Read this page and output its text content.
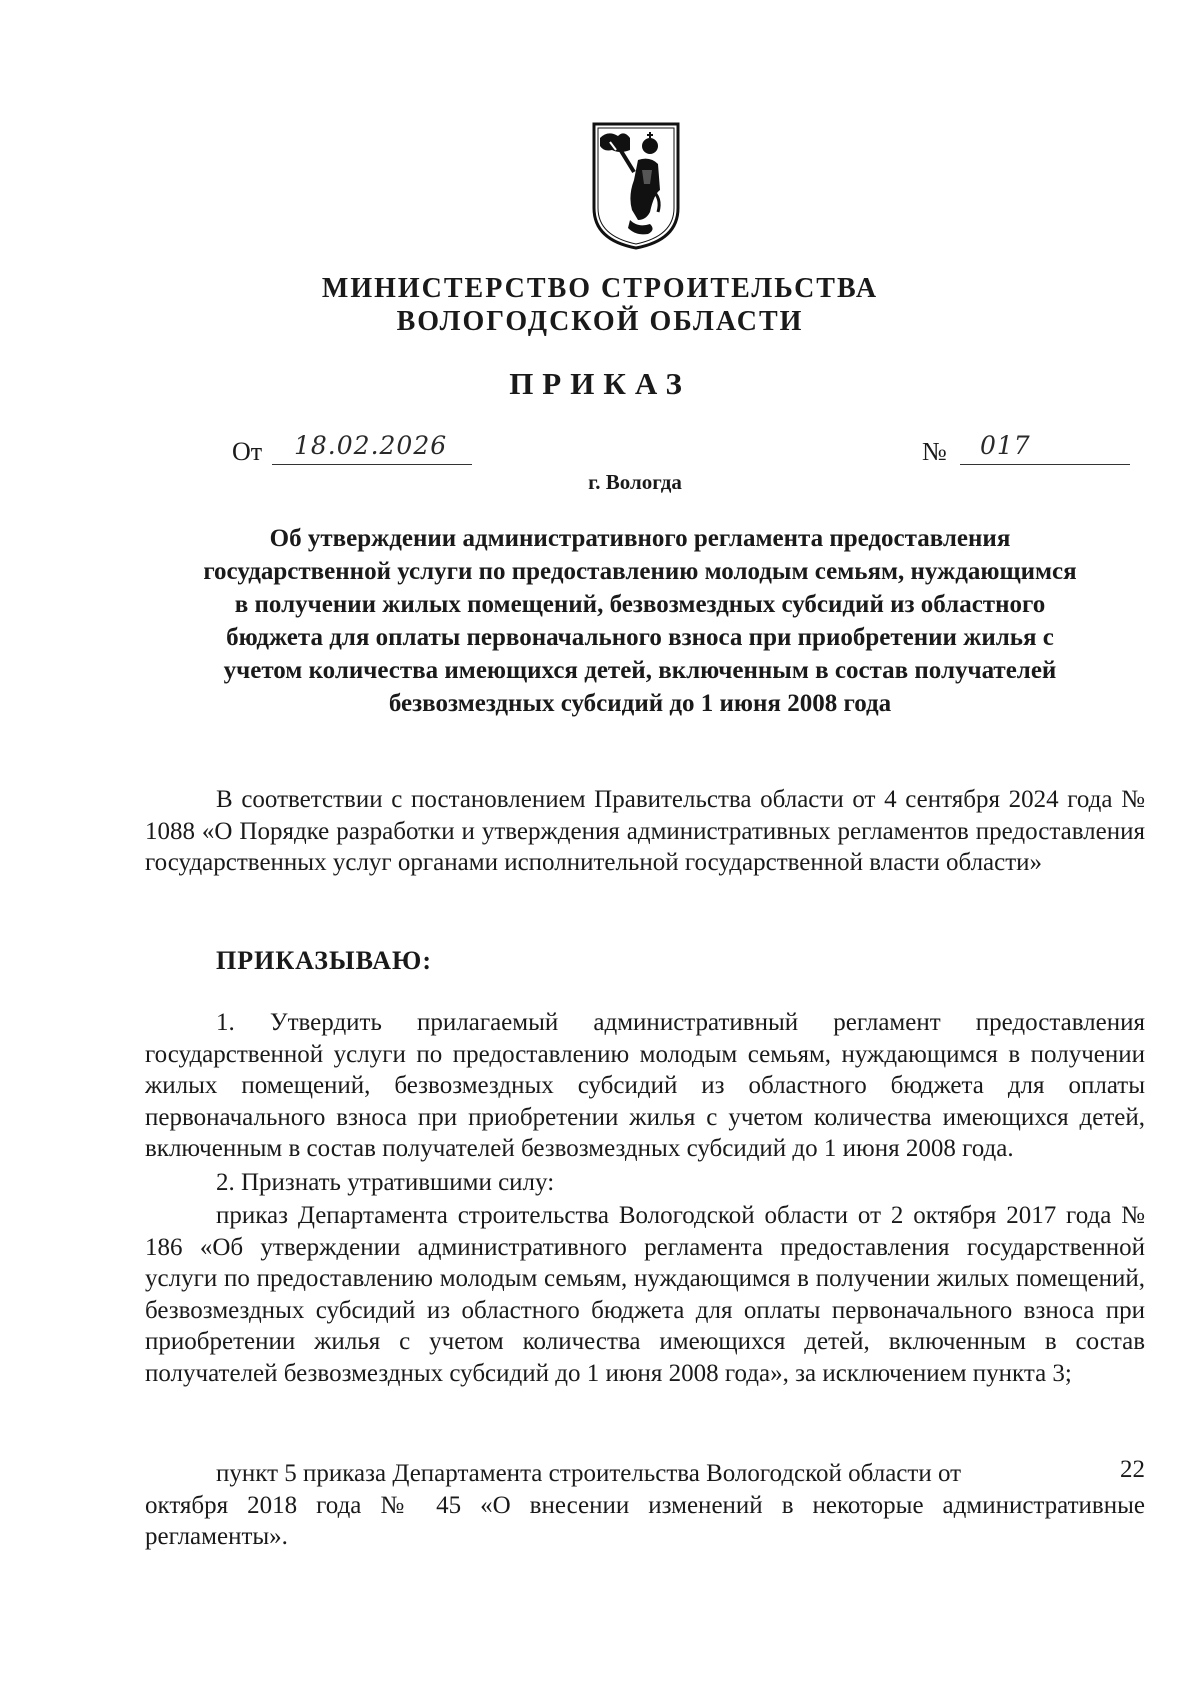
МИНИСТЕРСТВО СТРОИТЕЛЬСТВА
ВОЛОГОДСКОЙ ОБЛАСТИ
ПРИКАЗ
От	18.02.2026	№	017
г. Вологда
Об утверждении административного регламента предоставления
государственной услуги по предоставлению молодым семьям, нуждающимся
в получении жилых помещений, безвозмездных субсидий из областного
бюджета для оплаты первоначального взноса при приобретении жилья с
учетом количества имеющихся детей, включенным в состав получателей
безвозмездных субсидий до 1 июня 2008 года

В соответствии с постановлением Правительства области от 4 сентября 2024 года № 1088 «О Порядке разработки и утверждения административных регламентов предоставления государственных услуг органами исполнительной государственной власти области»

ПРИКАЗЫВАЮ:

1. Утвердить прилагаемый административный регламент предоставления государственной услуги по предоставлению молодым семьям, нуждающимся в получении жилых помещений, безвозмездных субсидий из областного бюджета для оплаты первоначального взноса при приобретении жилья с учетом количества имеющихся детей, включенным в состав получателей безвозмездных субсидий до 1 июня 2008 года.

2. Признать утратившими силу:

приказ Департамента строительства Вологодской области от 2 октября 2017 года № 186 «Об утверждении административного регламента предоставления государственной услуги по предоставлению молодым семьям, нуждающимся в получении жилых помещений, безвозмездных субсидий из областного бюджета для оплаты первоначального взноса при приобретении жилья с учетом количества имеющихся детей, включенным в состав получателей безвозмездных субсидий до 1 июня 2008 года», за исключением пункта 3;

пункт 5 приказа Департамента строительства Вологодской области от	22

октября 2018 года № 45 «О внесении изменений в некоторые административные регламенты».
